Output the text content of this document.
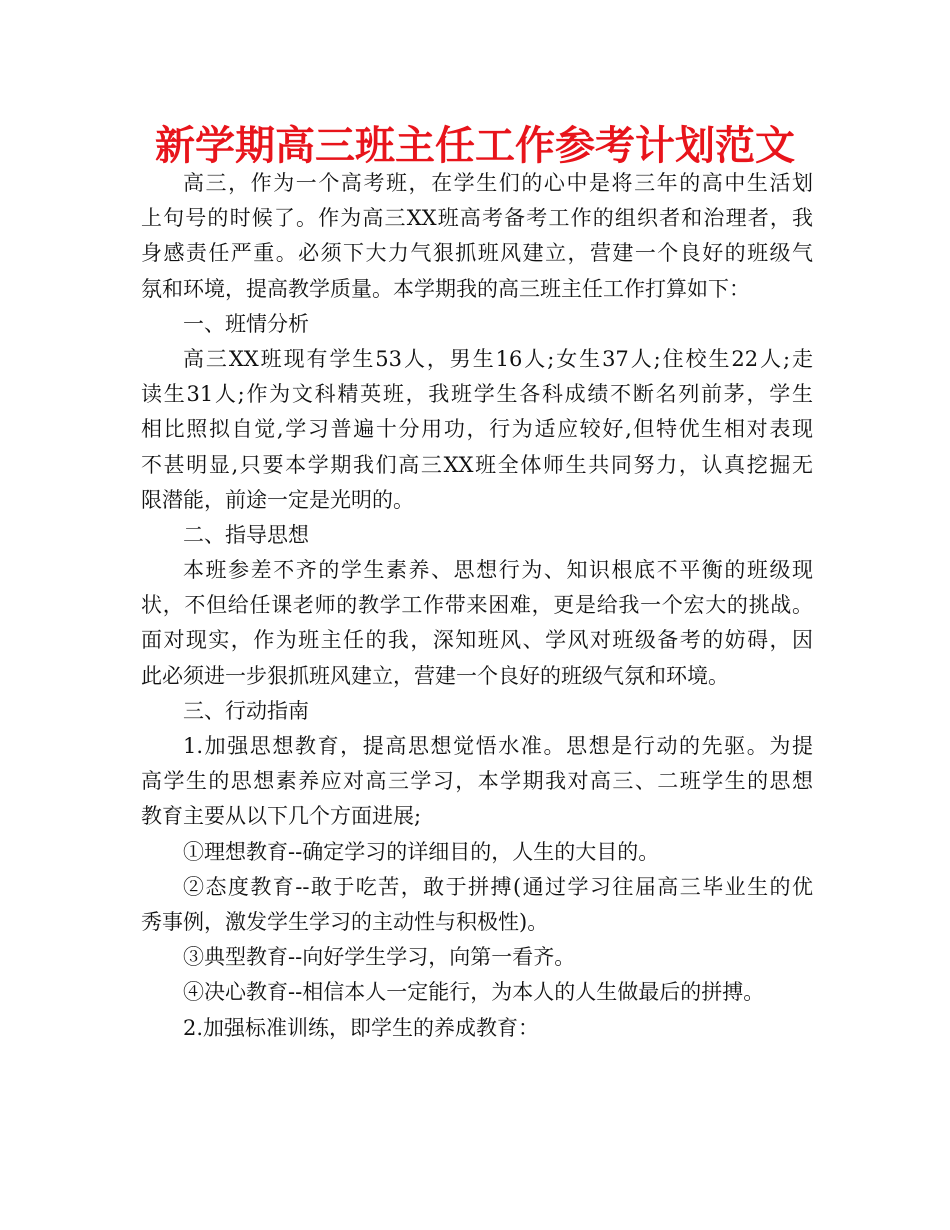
新学期高三班主任工作参考计划范文
高三，作为一个高考班，在学生们的心中是将三年的高中生活划
上句号的时候了。作为高三XX班高考备考工作的组织者和治理者，我
身感责任严重。必须下大力气狠抓班风建立，营建一个良好的班级气
氛和环境，提高教学质量。本学期我的高三班主任工作打算如下：
一、班情分析
高三XX班现有学生53人，男生16人;女生37人;住校生22人;走
读生31人;作为文科精英班，我班学生各科成绩不断名列前茅，学生
相比照拟自觉,学习普遍十分用功，行为适应较好,但特优生相对表现
不甚明显,只要本学期我们高三XX班全体师生共同努力，认真挖掘无
限潜能，前途一定是光明的。
二、指导思想
本班参差不齐的学生素养、思想行为、知识根底不平衡的班级现
状，不但给任课老师的教学工作带来困难，更是给我一个宏大的挑战。
面对现实，作为班主任的我，深知班风、学风对班级备考的妨碍，因
此必须进一步狠抓班风建立，营建一个良好的班级气氛和环境。
三、行动指南
1.加强思想教育，提高思想觉悟水准。思想是行动的先驱。为提
高学生的思想素养应对高三学习，本学期我对高三、二班学生的思想
教育主要从以下几个方面进展;
①理想教育--确定学习的详细目的，人生的大目的。
②态度教育--敢于吃苦，敢于拼搏(通过学习往届高三毕业生的优
秀事例，激发学生学习的主动性与积极性)。
③典型教育--向好学生学习，向第一看齐。
④决心教育--相信本人一定能行，为本人的人生做最后的拼搏。
2.加强标准训练，即学生的养成教育：
